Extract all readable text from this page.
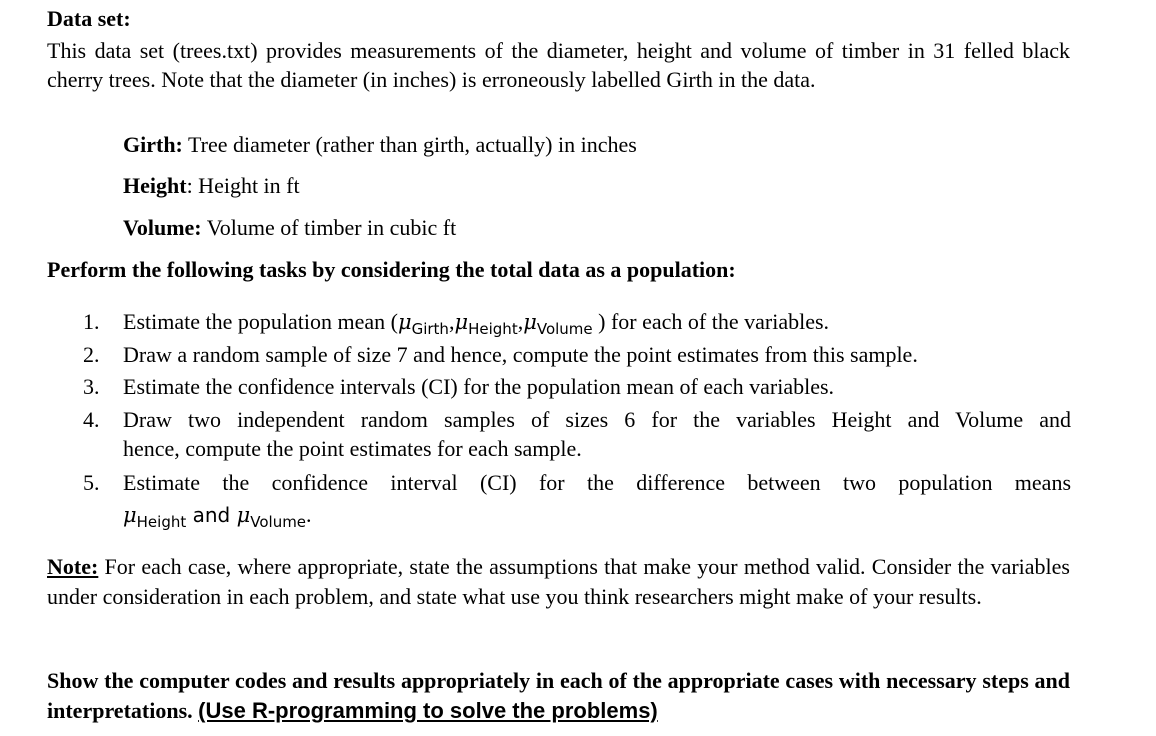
Data set:
This data set (trees.txt) provides measurements of the diameter, height and volume of timber in 31 felled black cherry trees. Note that the diameter (in inches) is erroneously labelled Girth in the data.
Girth: Tree diameter (rather than girth, actually) in inches
Height: Height in ft
Volume: Volume of timber in cubic ft
Perform the following tasks by considering the total data as a population:
1. Estimate the population mean ($\mu_{Girth},\mu_{Height},\mu_{Volume}$ ) for each of the variables.
2. Draw a random sample of size 7 and hence, compute the point estimates from this sample.
3. Estimate the confidence intervals (CI) for the population mean of each variables.
4. Draw two independent random samples of sizes 6 for the variables Height and Volume and
hence, compute the point estimates for each sample.
5. Estimate the confidence interval (CI) for the difference between two population means
$\mu_{Height}$ and $\mu_{Volume}$.
Note: For each case, where appropriate, state the assumptions that make your method valid. Consider the variables under consideration in each problem, and state what use you think researchers might make of your results.
Show the computer codes and results appropriately in each of the appropriate cases with necessary steps and interpretations. (Use R-programming to solve the problems)
